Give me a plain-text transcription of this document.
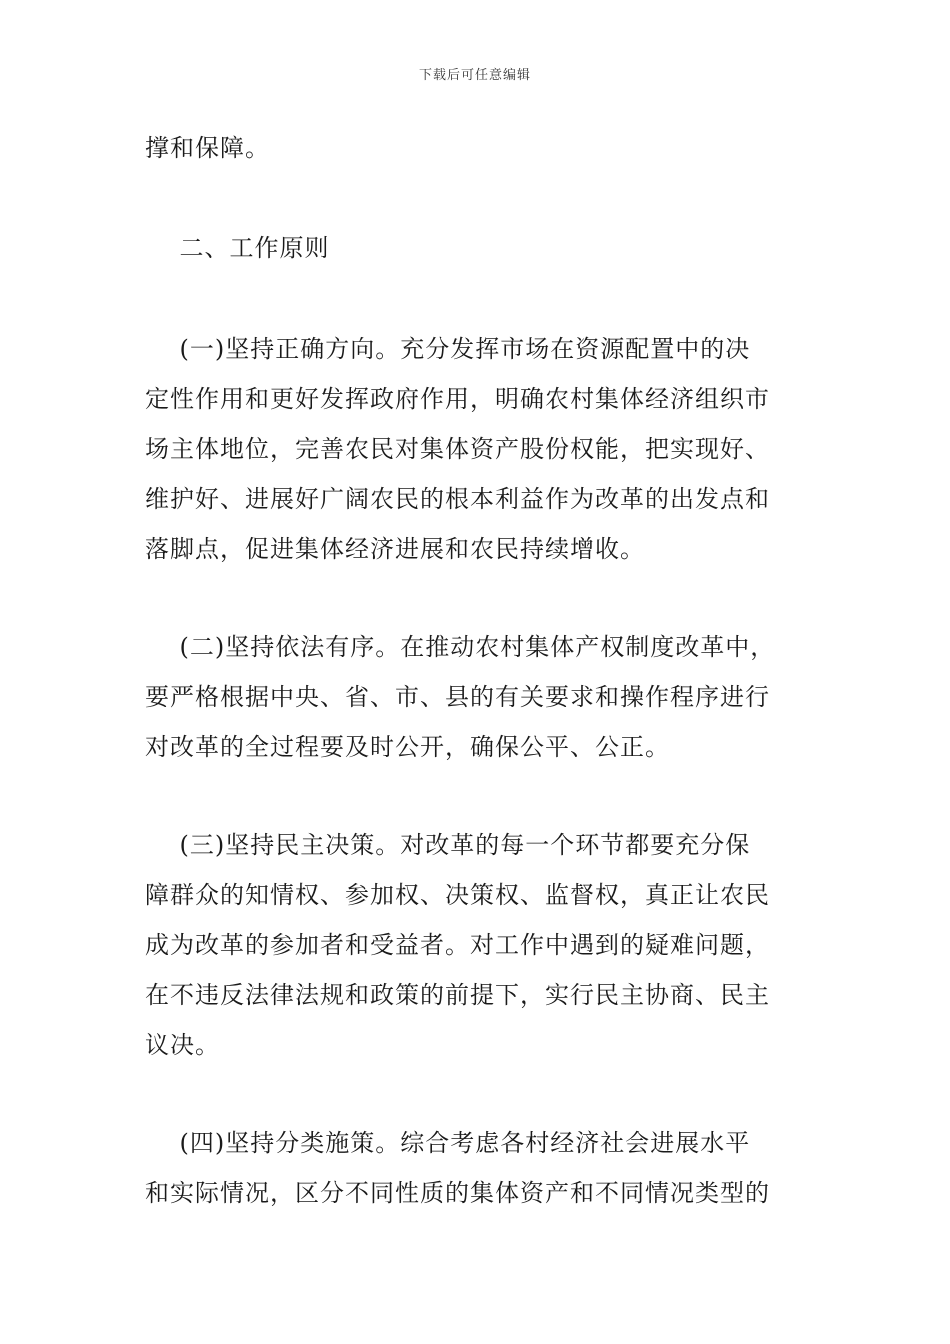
下载后可任意编辑
撑和保障。
二、工作原则
(一)坚持正确方向。充分发挥市场在资源配置中的决
定性作用和更好发挥政府作用，明确农村集体经济组织市
场主体地位，完善农民对集体资产股份权能，把实现好、
维护好、进展好广阔农民的根本利益作为改革的出发点和
落脚点，促进集体经济进展和农民持续增收。
(二)坚持依法有序。在推动农村集体产权制度改革中，
要严格根据中央、省、市、县的有关要求和操作程序进行
对改革的全过程要及时公开，确保公平、公正。
(三)坚持民主决策。对改革的每一个环节都要充分保
障群众的知情权、参加权、决策权、监督权，真正让农民
成为改革的参加者和受益者。对工作中遇到的疑难问题，
在不违反法律法规和政策的前提下，实行民主协商、民主
议决。
(四)坚持分类施策。综合考虑各村经济社会进展水平
和实际情况，区分不同性质的集体资产和不同情况类型的
